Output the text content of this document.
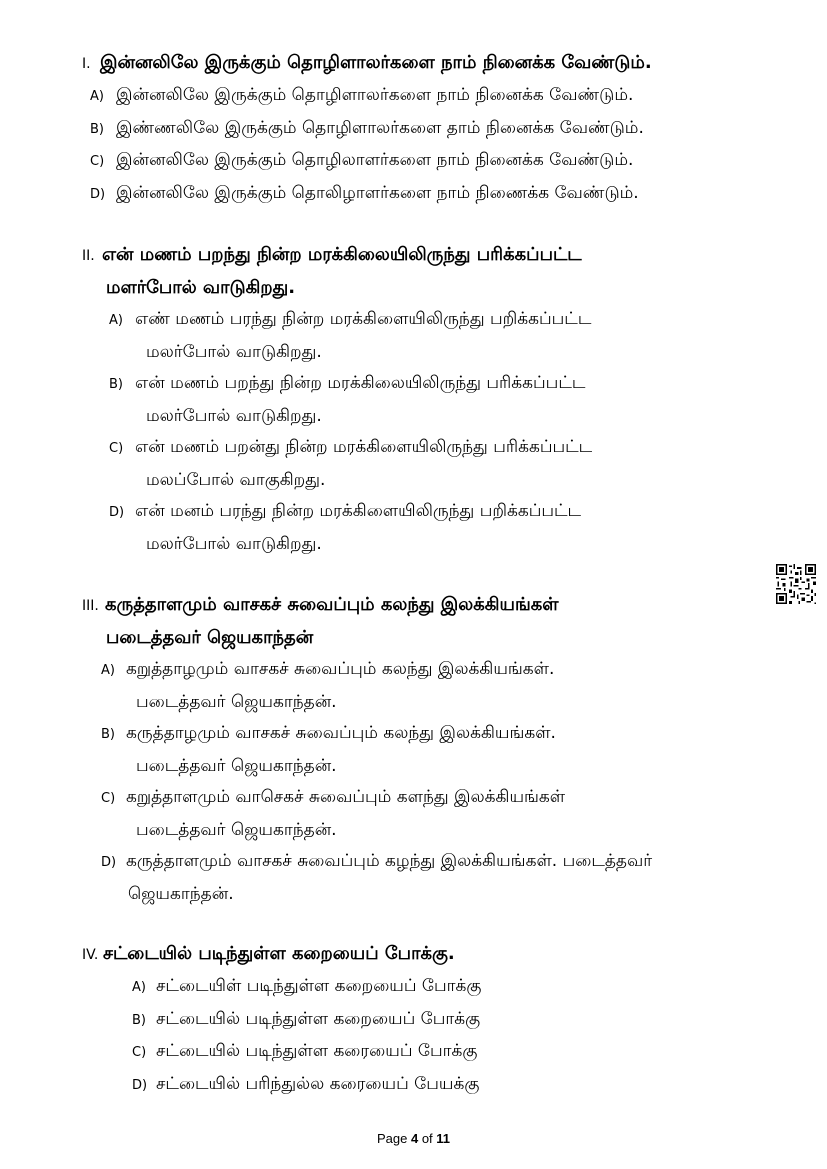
I. இன்னலிலே இருக்கும் தொழிளாலர்களை நாம் நினைக்க வேண்டும்.
A) இன்னலிலே இருக்கும் தொழிளாலர்களை நாம் நினைக்க வேண்டும்.
B) இண்ணலிலே இருக்கும் தொழிளாலர்களை தாம் நினைக்க வேண்டும்.
C) இன்னலிலே இருக்கும் தொழிலாளர்களை நாம் நினைக்க வேண்டும்.
D) இன்னலிலே இருக்கும் தொலிழாளர்களை நாம் நிணைக்க வேண்டும்.
II. என் மணம் பறந்து நின்ற மரக்கிலையிலிருந்து பரிக்கப்பட்ட
மளர்போல் வாடுகிறது.
A) எண் மணம் பரந்து நின்ற மரக்கிளையிலிருந்து பறிக்கப்பட்ட
மலர்போல் வாடுகிறது.
B) என் மணம் பறந்து நின்ற மரக்கிலையிலிருந்து பரிக்கப்பட்ட
மலர்போல் வாடுகிறது.
C) என் மணம் பறன்து நின்ற மரக்கிளையிலிருந்து பரிக்கப்பட்ட
மலப்போல் வாகுகிறது.
D) என் மனம் பரந்து நின்ற மரக்கிளையிலிருந்து பறிக்கப்பட்ட
மலர்போல் வாடுகிறது.
III. கருத்தாளமும் வாசகச் சுவைப்பும் கலந்து இலக்கியங்கள்
படைத்தவர் ஜெயகாந்தன்
A) கறுத்தாழமும் வாசகச் சுவைப்பும் கலந்து இலக்கியங்கள்.
படைத்தவர் ஜெயகாந்தன்.
B) கருத்தாழமும் வாசகச் சுவைப்பும் கலந்து இலக்கியங்கள்.
படைத்தவர் ஜெயகாந்தன்.
C) கறுத்தாளமும் வாசெகச் சுவைப்பும் களந்து இலக்கியங்கள்
படைத்தவர் ஜெயகாந்தன்.
D) கருத்தாளமும் வாசகச் சுவைப்பும் கழந்து இலக்கியங்கள். படைத்தவர்
ஜெயகாந்தன்.
IV. சட்டையில் படிந்துள்ள கறையைப் போக்கு.
A) சட்டையிள் படிந்துள்ள கறையைப் போக்கு
B) சட்டையில் படிந்துள்ள கறையைப் போக்கு
C) சட்டையில் படிந்துள்ள கரையைப் போக்கு
D) சட்டையில் பரிந்துல்ல கரையைப் பேயக்கு
Page 4 of 11
